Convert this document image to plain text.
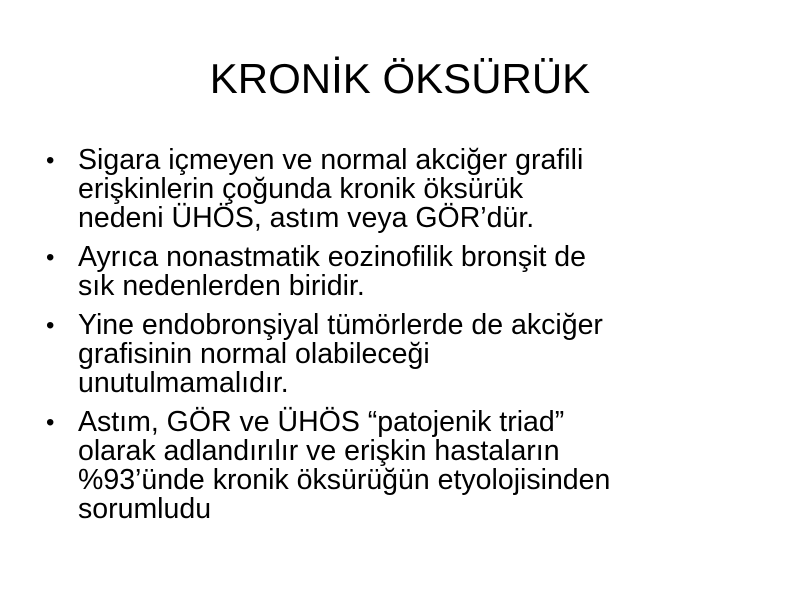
KRONİK ÖKSÜRÜK
• Sigara içmeyen ve normal akciğer grafili
erişkinlerin çoğunda kronik öksürük
nedeni ÜHÖS, astım veya GÖR’dür.
• Ayrıca nonastmatik eozinofilik bronşit de
sık nedenlerden biridir.
• Yine endobronşiyal tümörlerde de akciğer
grafisinin normal olabileceği
unutulmamalıdır.
• Astım, GÖR ve ÜHÖS “patojenik triad”
olarak adlandırılır ve erişkin hastaların
%93’ünde kronik öksürüğün etyolojisinden
sorumludu
